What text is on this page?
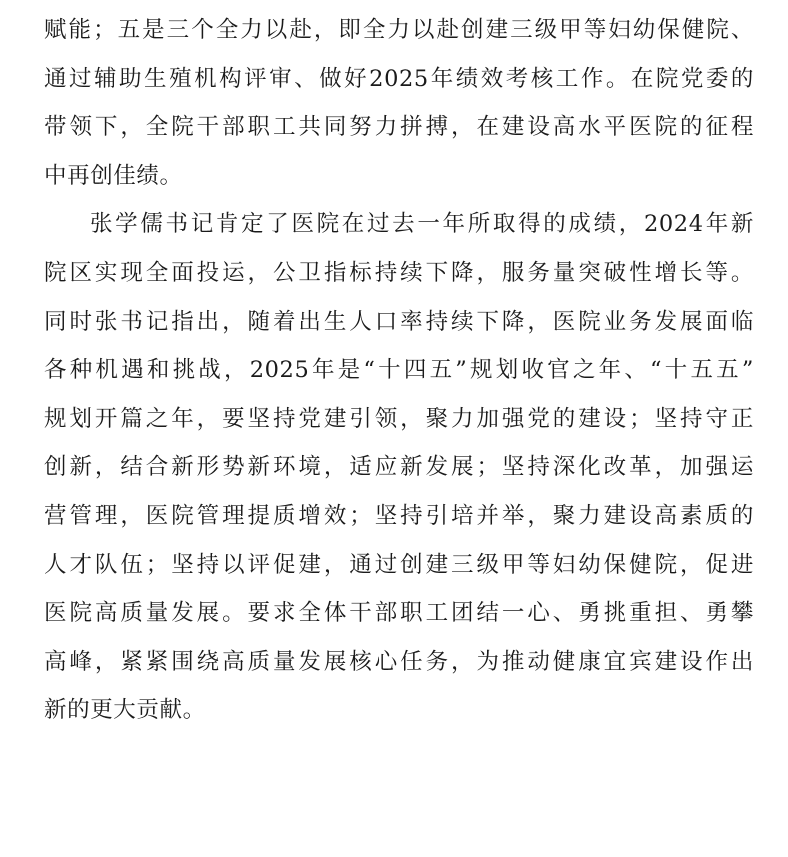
赋能；五是三个全力以赴，即全力以赴创建三级甲等妇幼保健院、
通过辅助生殖机构评审、做好2025年绩效考核工作。在院党委的
带领下，全院干部职工共同努力拼搏，在建设高水平医院的征程
中再创佳绩。
张学儒书记肯定了医院在过去一年所取得的成绩，2024年新
院区实现全面投运，公卫指标持续下降，服务量突破性增长等。
同时张书记指出，随着出生人口率持续下降，医院业务发展面临
各种机遇和挑战，2025年是“十四五”规划收官之年、“十五五”
规划开篇之年，要坚持党建引领，聚力加强党的建设；坚持守正
创新，结合新形势新环境，适应新发展；坚持深化改革，加强运
营管理，医院管理提质增效；坚持引培并举，聚力建设高素质的
人才队伍；坚持以评促建，通过创建三级甲等妇幼保健院，促进
医院高质量发展。要求全体干部职工团结一心、勇挑重担、勇攀
高峰，紧紧围绕高质量发展核心任务，为推动健康宜宾建设作出
新的更大贡献。
